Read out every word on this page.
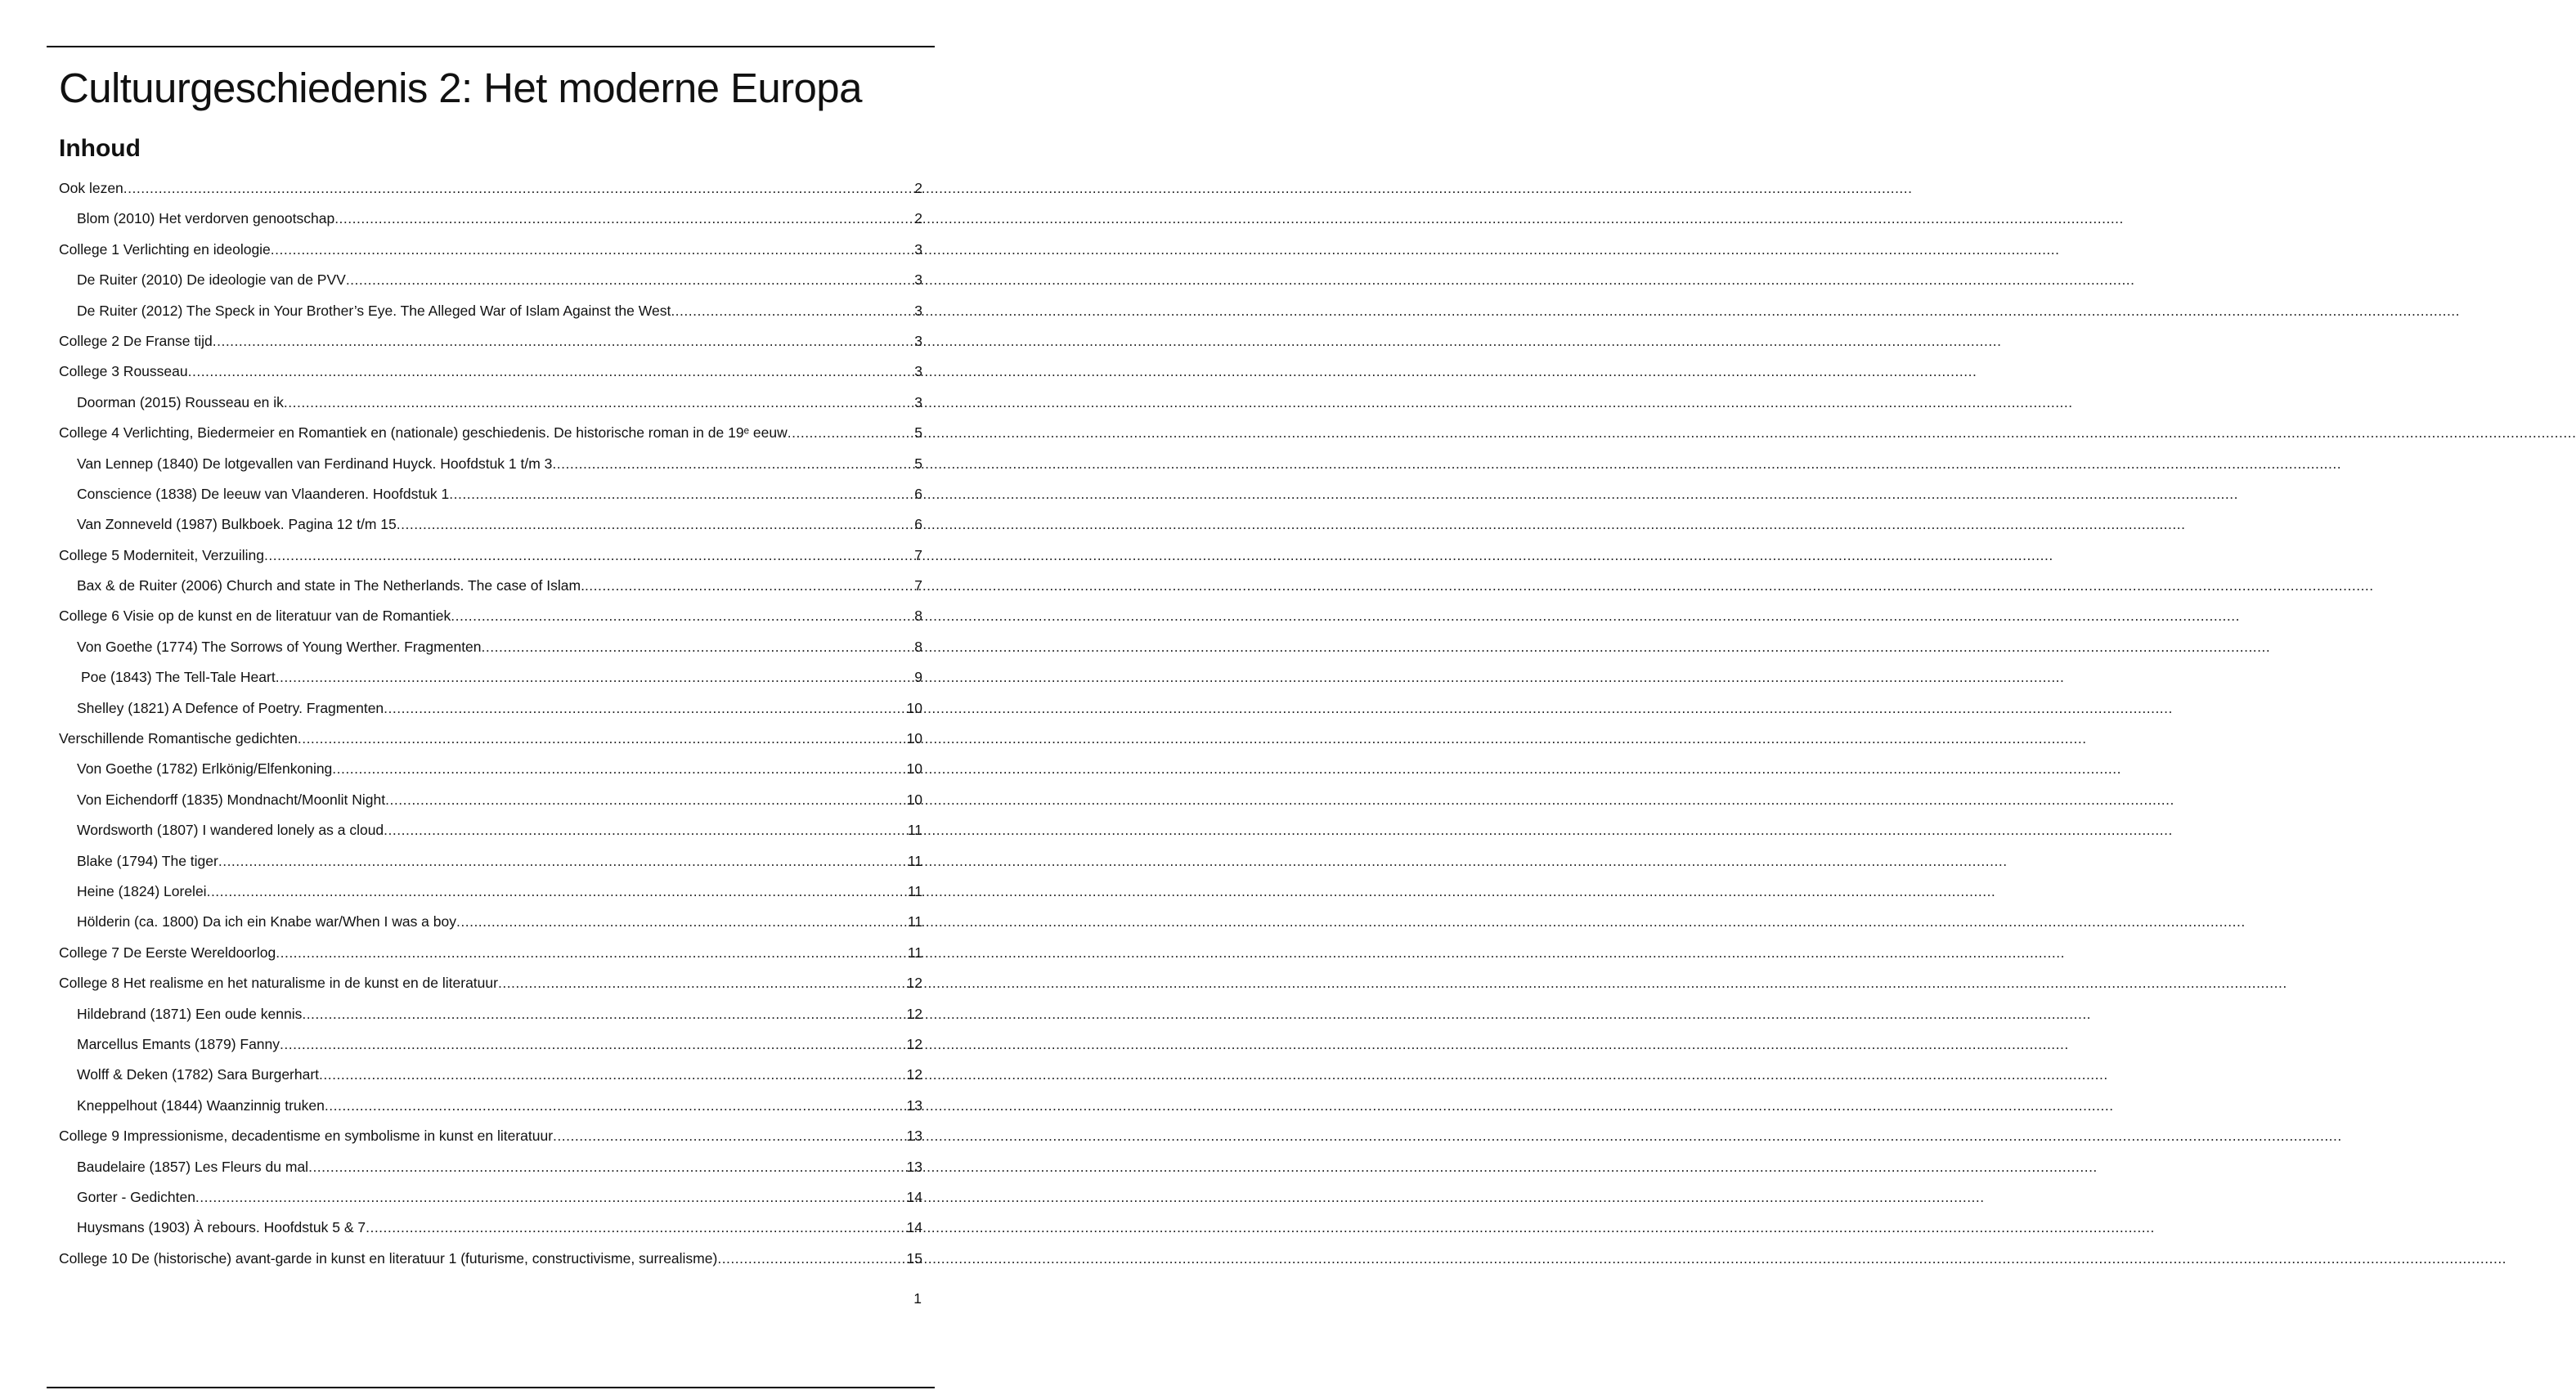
Cultuurgeschiedenis 2: Het moderne Europa
Inhoud
Ook lezen .....	2
Blom (2010) Het verdorven genootschap .....	2
College 1 Verlichting en ideologie .....	3
De Ruiter (2010) De ideologie van de PVV .....	3
De Ruiter (2012) The Speck in Your Brother’s Eye. The Alleged War of Islam Against the West .....	3
College 2 De Franse tijd .....	3
College 3 Rousseau .....	3
Doorman (2015) Rousseau en ik .....	3
College 4 Verlichting, Biedermeier en Romantiek en (nationale) geschiedenis. De historische roman in de 19ᵉ eeuw .....	5
Van Lennep (1840) De lotgevallen van Ferdinand Huyck. Hoofdstuk 1 t/m 3 .....	5
Conscience (1838) De leeuw van Vlaanderen. Hoofdstuk 1 .....	6
Van Zonneveld (1987) Bulkboek. Pagina 12 t/m 15 .....	6
College 5 Moderniteit, Verzuiling .....	7
Bax & de Ruiter (2006) Church and state in The Netherlands. The case of Islam. .....	7
College 6 Visie op de kunst en de literatuur van de Romantiek .....	8
Von Goethe (1774) The Sorrows of Young Werther. Fragmenten .....	8
Poe (1843) The Tell-Tale Heart .....	9
Shelley (1821) A Defence of Poetry. Fragmenten .....	10
Verschillende Romantische gedichten .....	10
Von Goethe (1782) Erlkönig/Elfenkoning .....	10
Von Eichendorff (1835) Mondnacht/Moonlit Night .....	10
Wordsworth (1807) I wandered lonely as a cloud .....	11
Blake (1794) The tiger .....	11
Heine (1824) Lorelei .....	11
Hölderin (ca. 1800) Da ich ein Knabe war/When I was a boy .....	11
College 7 De Eerste Wereldoorlog .....	11
College 8 Het realisme en het naturalisme in de kunst en de literatuur .....	12
Hildebrand (1871) Een oude kennis .....	12
Marcellus Emants (1879) Fanny .....	12
Wolff & Deken (1782) Sara Burgerhart .....	12
Kneppelhout (1844) Waanzinnig truken .....	13
College 9 Impressionisme, decadentisme en symbolisme in kunst en literatuur .....	13
Baudelaire (1857) Les Fleurs du mal .....	13
Gorter - Gedichten .....	14
Huysmans (1903) À rebours. Hoofdstuk 5 & 7 .....	14
College 10 De (historische) avant-garde in kunst en literatuur 1 (futurisme, constructivisme, surrealisme) .....	15
1
